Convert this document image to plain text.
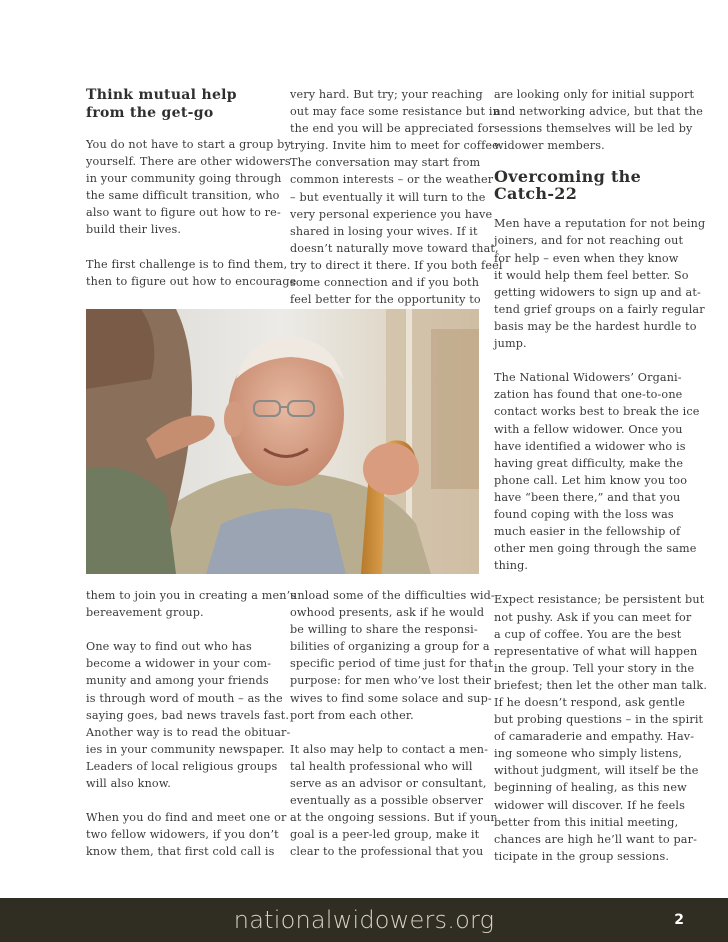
Think mutual help
from the get-go

You do not have to start a group by
yourself. There are other widowers
in your community going through
the same difficult transition, who
also want to figure out how to re-
build their lives.

The first challenge is to find them,
then to figure out how to encourage

very hard. But try; your reaching
out may face some resistance but in
the end you will be appreciated for
trying. Invite him to meet for coffee.
The conversation may start from
common interests – or the weather
– but eventually it will turn to the
very personal experience you have
shared in losing your wives. If it
doesn’t naturally move toward that,
try to direct it there. If you both feel
some connection and if you both
feel better for the opportunity to

are looking only for initial support
and networking advice, but that the
sessions themselves will be led by
widower members.

Overcoming the
Catch-22

Men have a reputation for not being
joiners, and for not reaching out
for help – even when they know
it would help them feel better. So
getting widowers to sign up and at-
tend grief groups on a fairly regular
basis may be the hardest hurdle to
jump.

The National Widowers’ Organi-
zation has found that one-to-one
contact works best to break the ice
with a fellow widower. Once you
have identified a widower who is
having great difficulty, make the
phone call. Let him know you too
have “been there,” and that you
found coping with the loss was
much easier in the fellowship of
other men going through the same
thing.

Expect resistance; be persistent but
not pushy. Ask if you can meet for
a cup of coffee. You are the best
representative of what will happen
in the group. Tell your story in the
briefest; then let the other man talk.
If he doesn’t respond, ask gentle
but probing questions – in the spirit
of camaraderie and empathy. Hav-
ing someone who simply listens,
without judgment, will itself be the
beginning of healing, as this new
widower will discover. If he feels
better from this initial meeting,
chances are high he’ll want to par-
ticipate in the group sessions.

them to join you in creating a men’s
bereavement group.

One way to find out who has
become a widower in your com-
munity and among your friends
is through word of mouth – as the
saying goes, bad news travels fast.
Another way is to read the obituar-
ies in your community newspaper.
Leaders of local religious groups
will also know.

When you do find and meet one or
two fellow widowers, if you don’t
know them, that first cold call is

unload some of the difficulties wid-
owhood presents, ask if he would
be willing to share the responsi-
bilities of organizing a group for a
specific period of time just for that
purpose: for men who’ve lost their
wives to find some solace and sup-
port from each other.

It also may help to contact a men-
tal health professional who will
serve as an advisor or consultant,
eventually as a possible observer
at the ongoing sessions. But if your
goal is a peer-led group, make it
clear to the professional that you

nationalwidowers.org	2
